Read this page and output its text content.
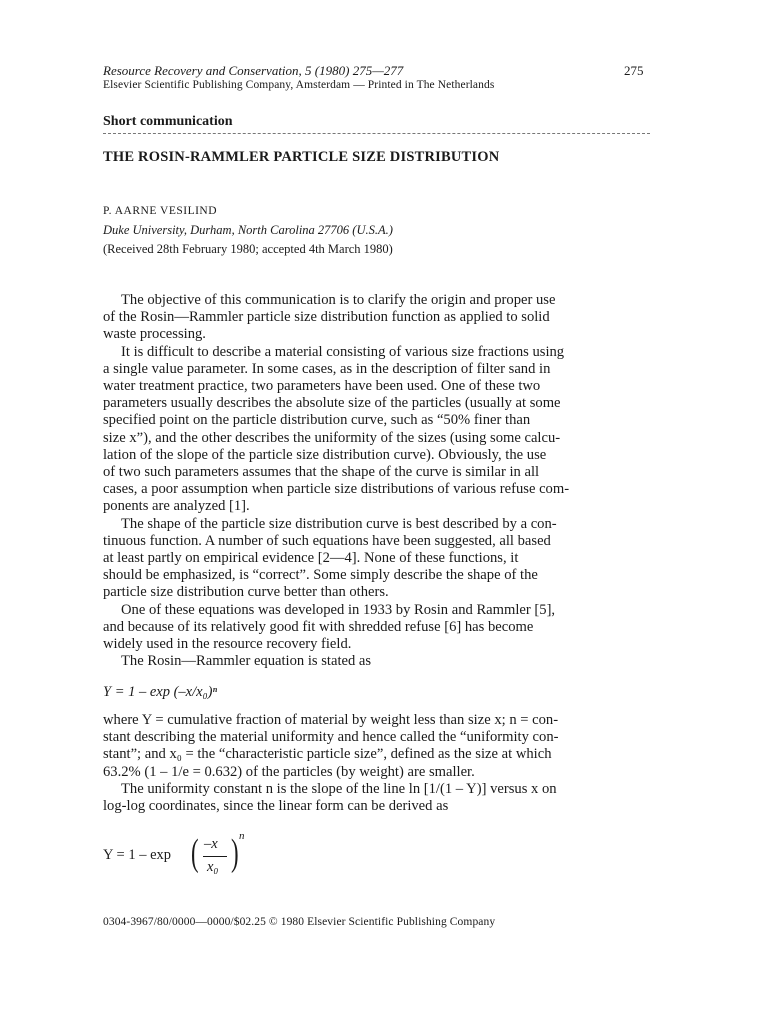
Resource Recovery and Conservation, 5 (1980) 275—277	275
Elsevier Scientific Publishing Company, Amsterdam — Printed in The Netherlands
Short communication
THE ROSIN-RAMMLER PARTICLE SIZE DISTRIBUTION
P. AARNE VESILIND
Duke University, Durham, North Carolina 27706 (U.S.A.)
(Received 28th February 1980; accepted 4th March 1980)
The objective of this communication is to clarify the origin and proper use
of the Rosin—Rammler particle size distribution function as applied to solid
waste processing.
It is difficult to describe a material consisting of various size fractions using
a single value parameter. In some cases, as in the description of filter sand in
water treatment practice, two parameters have been used. One of these two
parameters usually describes the absolute size of the particles (usually at some
specified point on the particle distribution curve, such as “50% finer than
size x”), and the other describes the uniformity of the sizes (using some calcu-
lation of the slope of the particle size distribution curve). Obviously, the use
of two such parameters assumes that the shape of the curve is similar in all
cases, a poor assumption when particle size distributions of various refuse com-
ponents are analyzed [1].
The shape of the particle size distribution curve is best described by a con-
tinuous function. A number of such equations have been suggested, all based
at least partly on empirical evidence [2—4]. None of these functions, it
should be emphasized, is “correct”. Some simply describe the shape of the
particle size distribution curve better than others.
One of these equations was developed in 1933 by Rosin and Rammler [5],
and because of its relatively good fit with shredded refuse [6] has become
widely used in the resource recovery field.
The Rosin—Rammler equation is stated as
Y = 1 – exp (–x/x₀)ⁿ
where Y = cumulative fraction of material by weight less than size x; n = con-
stant describing the material uniformity and hence called the “uniformity con-
stant”; and x₀ = the “characteristic particle size”, defined as the size at which
63.2% (1 – 1/e = 0.632) of the particles (by weight) are smaller.
The uniformity constant n is the slope of the line ln [1/(1 – Y)] versus x on
log-log coordinates, since the linear form can be derived as
Y = 1 – exp ( –x
x₀ ) n
0304-3967/80/0000—0000/$02.25 © 1980 Elsevier Scientific Publishing Company
